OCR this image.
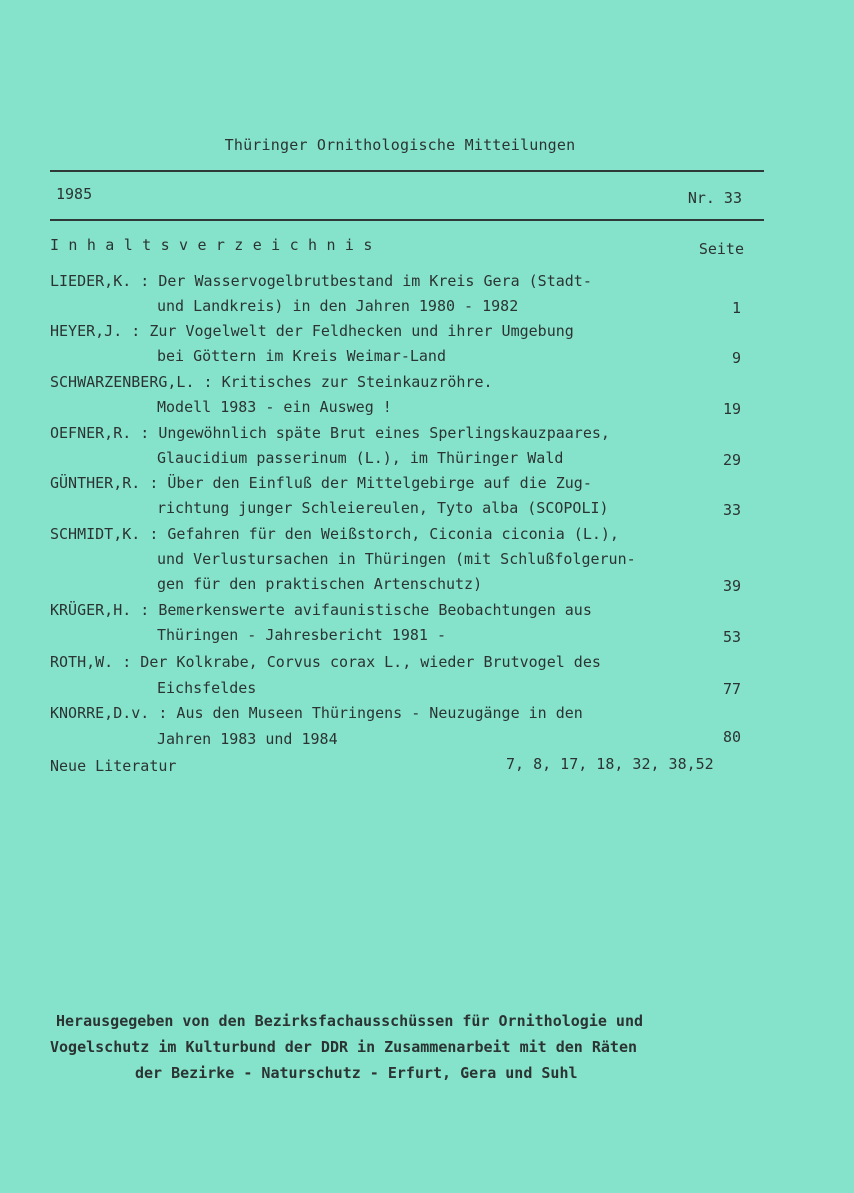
Thüringer Ornithologische Mitteilungen
1985	Nr. 33
Inhaltsverzeichnis	Seite
LIEDER,K. : Der Wasservogelbrutbestand im Kreis Gera (Stadt-
und Landkreis) in den Jahren 1980 - 1982	1
HEYER,J. : Zur Vogelwelt der Feldhecken und ihrer Umgebung
bei Göttern im Kreis Weimar-Land	9
SCHWARZENBERG,L. : Kritisches zur Steinkauzröhre.
Modell 1983 - ein Ausweg !	19
OEFNER,R. : Ungewöhnlich späte Brut eines Sperlingskauzpaares,
Glaucidium passerinum (L.), im Thüringer Wald	29
GÜNTHER,R. : Über den Einfluß der Mittelgebirge auf die Zug-
richtung junger Schleiereulen, Tyto alba (SCOPOLI)	33
SCHMIDT,K. : Gefahren für den Weißstorch, Ciconia ciconia (L.),
und Verlustursachen in Thüringen (mit Schlußfolgerun-
gen für den praktischen Artenschutz)	39
KRÜGER,H. : Bemerkenswerte avifaunistische Beobachtungen aus
Thüringen - Jahresbericht 1981 -	53
ROTH,W. : Der Kolkrabe, Corvus corax L., wieder Brutvogel des
Eichsfeldes	77
KNORRE,D.v. : Aus den Museen Thüringens - Neuzugänge in den
Jahren 1983 und 1984	80
Neue Literatur	7, 8, 17, 18, 32, 38,52
Herausgegeben von den Bezirksfachausschüssen für Ornithologie und
Vogelschutz im Kulturbund der DDR in Zusammenarbeit mit den Räten
der Bezirke - Naturschutz - Erfurt, Gera und Suhl
